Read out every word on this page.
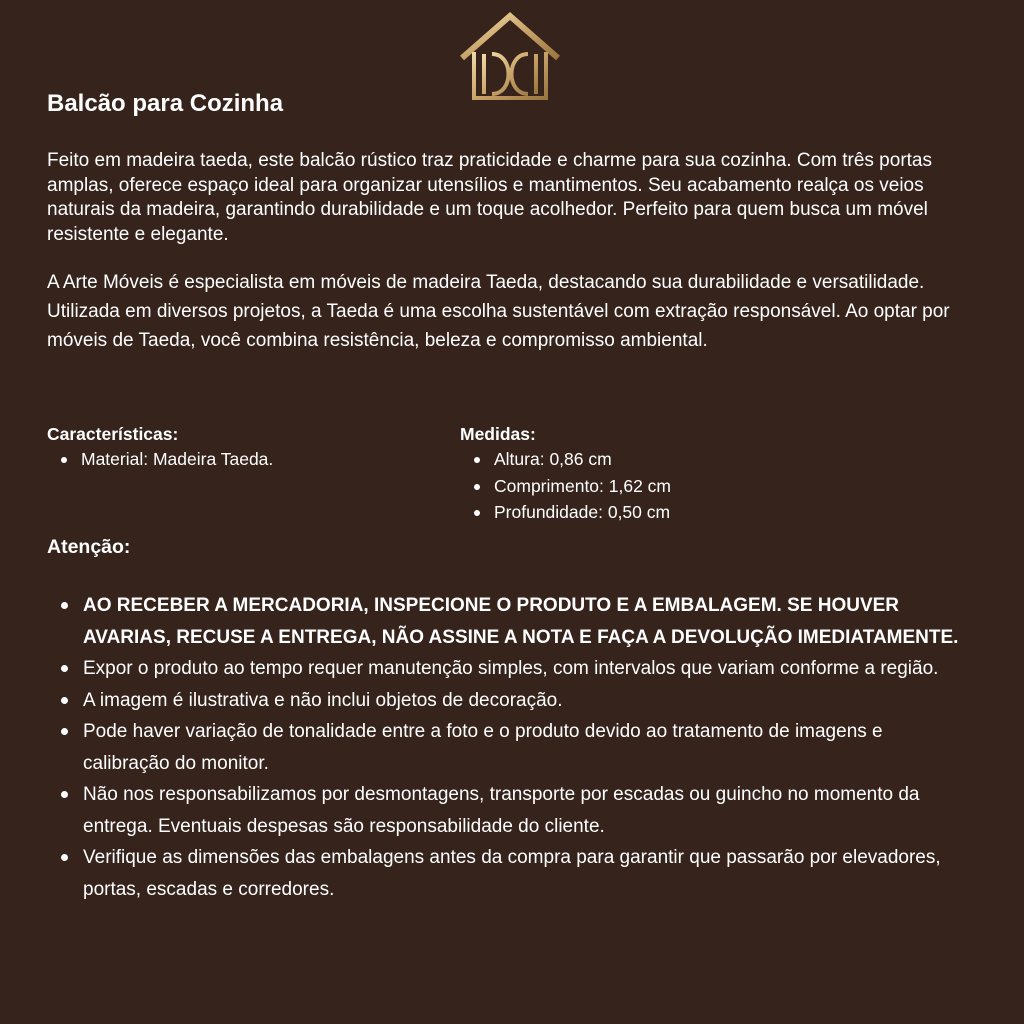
Balcão para Cozinha

Feito em madeira taeda, este balcão rústico traz praticidade e charme para sua cozinha. Com três portas amplas, oferece espaço ideal para organizar utensílios e mantimentos. Seu acabamento realça os veios naturais da madeira, garantindo durabilidade e um toque acolhedor. Perfeito para quem busca um móvel resistente e elegante.

A Arte Móveis é especialista em móveis de madeira Taeda, destacando sua durabilidade e versatilidade. Utilizada em diversos projetos, a Taeda é uma escolha sustentável com extração responsável. Ao optar por móveis de Taeda, você combina resistência, beleza e compromisso ambiental.

Características:
Material: Madeira Taeda.
Medidas:
Altura: 0,86 cm
Comprimento: 1,62 cm
Profundidade: 0,50 cm
Atenção:
AO RECEBER A MERCADORIA, INSPECIONE O PRODUTO E A EMBALAGEM. SE HOUVER AVARIAS, RECUSE A ENTREGA, NÃO ASSINE A NOTA E FAÇA A DEVOLUÇÃO IMEDIATAMENTE.
Expor o produto ao tempo requer manutenção simples, com intervalos que variam conforme a região.
A imagem é ilustrativa e não inclui objetos de decoração.
Pode haver variação de tonalidade entre a foto e o produto devido ao tratamento de imagens e calibração do monitor.
Não nos responsabilizamos por desmontagens, transporte por escadas ou guincho no momento da entrega. Eventuais despesas são responsabilidade do cliente.
Verifique as dimensões das embalagens antes da compra para garantir que passarão por elevadores, portas, escadas e corredores.
